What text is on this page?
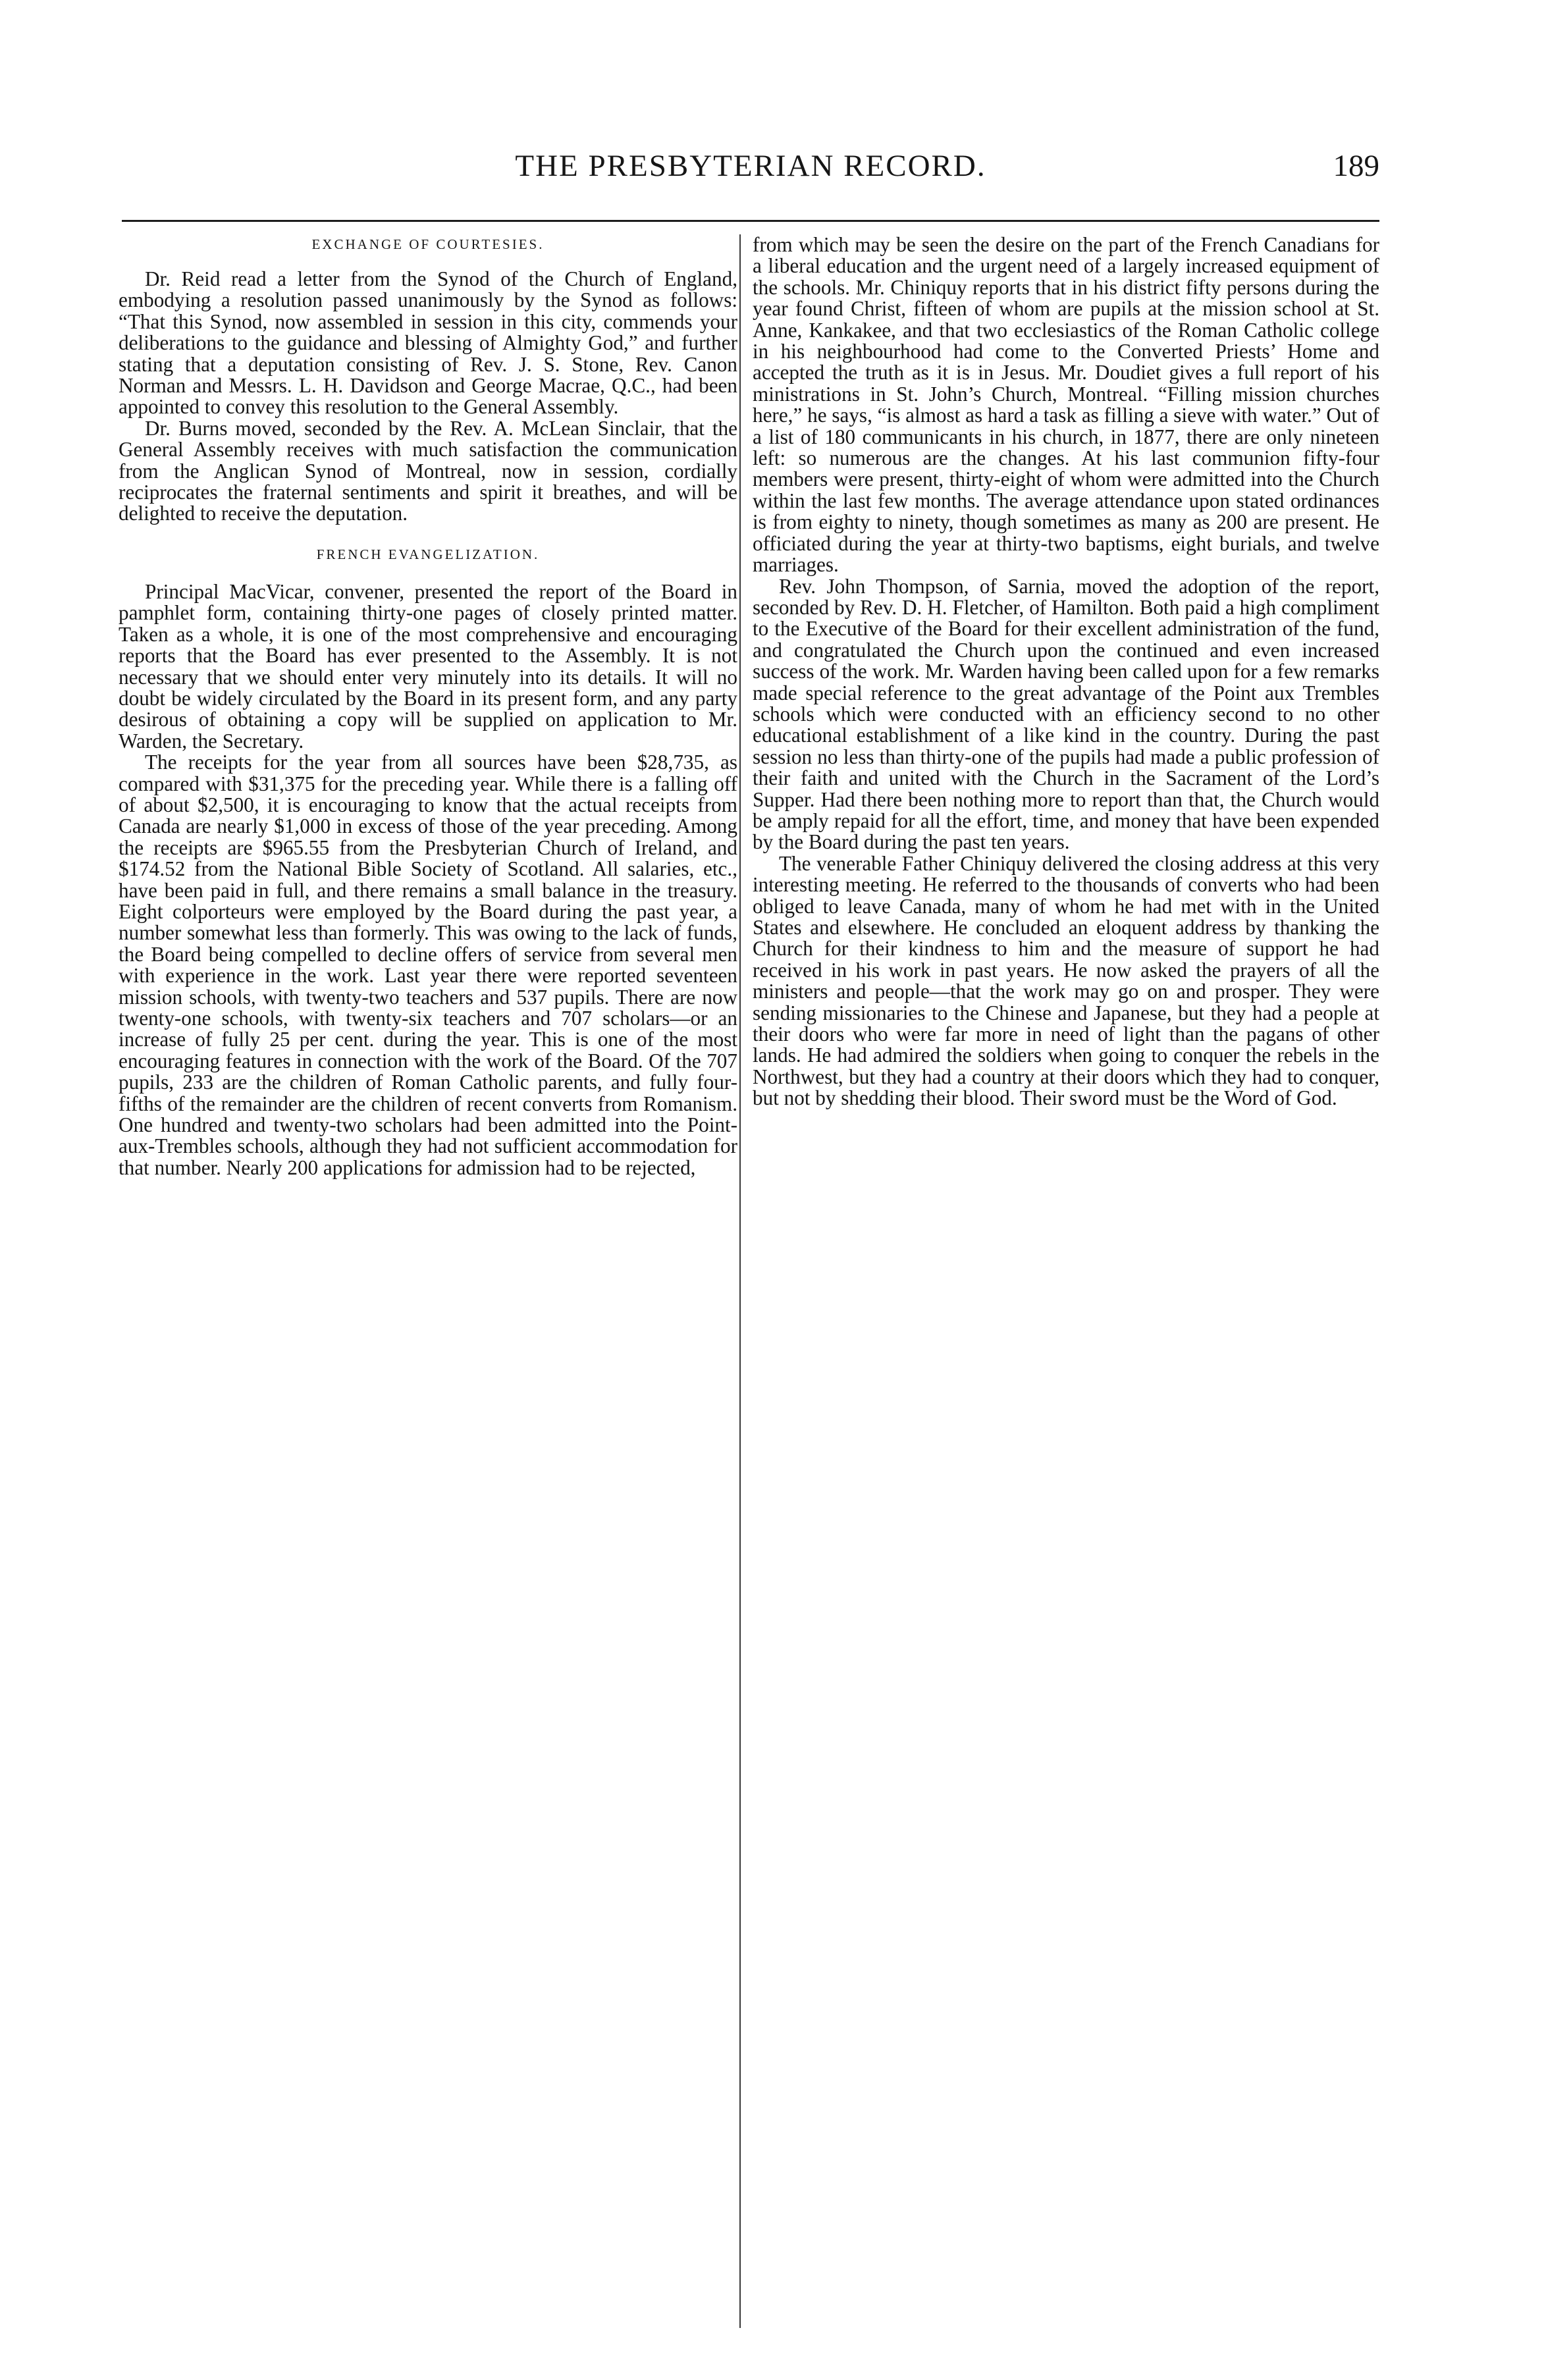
THE PRESBYTERIAN RECORD.	189
EXCHANGE OF COURTESIES.

Dr. Reid read a letter from the Synod of the Church of England, embodying a resolution passed unanimously by the Synod as follows: “That this Synod, now assembled in session in this city, commends your deliberations to the guidance and blessing of Almighty God,” and further stating that a deputation consisting of Rev. J. S. Stone, Rev. Canon Norman and Messrs. L. H. Davidson and George Macrae, Q.C., had been appointed to convey this resolution to the General Assembly.

Dr. Burns moved, seconded by the Rev. A. McLean Sinclair, that the General Assembly receives with much satisfaction the communication from the Anglican Synod of Montreal, now in session, cordially reciprocates the fraternal sentiments and spirit it breathes, and will be delighted to receive the deputation.

FRENCH EVANGELIZATION.

Principal MacVicar, convener, presented the report of the Board in pamphlet form, containing thirty-one pages of closely printed matter. Taken as a whole, it is one of the most comprehensive and encouraging reports that the Board has ever presented to the Assembly. It is not necessary that we should enter very minutely into its details. It will no doubt be widely circulated by the Board in its present form, and any party desirous of obtaining a copy will be supplied on application to Mr. Warden, the Secretary.

The receipts for the year from all sources have been $28,735, as compared with $31,375 for the preceding year. While there is a falling off of about $2,500, it is encouraging to know that the actual receipts from Canada are nearly $1,000 in excess of those of the year preceding. Among the receipts are $965.55 from the Presbyterian Church of Ireland, and $174.52 from the National Bible Society of Scotland. All salaries, etc., have been paid in full, and there remains a small balance in the treasury. Eight colporteurs were employed by the Board during the past year, a number somewhat less than formerly. This was owing to the lack of funds, the Board being compelled to decline offers of service from several men with experience in the work. Last year there were reported seventeen mission schools, with twenty-two teachers and 537 pupils. There are now twenty-one schools, with twenty-six teachers and 707 scholars—or an increase of fully 25 per cent. during the year. This is one of the most encouraging features in connection with the work of the Board. Of the 707 pupils, 233 are the children of Roman Catholic parents, and fully four-fifths of the remainder are the children of recent converts from Romanism. One hundred and twenty-two scholars had been admitted into the Point-aux-Trembles schools, although they had not sufficient accommodation for that number. Nearly 200 applications for admission had to be rejected,

from which may be seen the desire on the part of the French Canadians for a liberal education and the urgent need of a largely increased equipment of the schools. Mr. Chiniquy reports that in his district fifty persons during the year found Christ, fifteen of whom are pupils at the mission school at St. Anne, Kankakee, and that two ecclesiastics of the Roman Catholic college in his neighbourhood had come to the Converted Priests’ Home and accepted the truth as it is in Jesus. Mr. Doudiet gives a full report of his ministrations in St. John’s Church, Montreal. “Filling mission churches here,” he says, “is almost as hard a task as filling a sieve with water.” Out of a list of 180 communicants in his church, in 1877, there are only nineteen left: so numerous are the changes. At his last communion fifty-four members were present, thirty-eight of whom were admitted into the Church within the last few months. The average attendance upon stated ordinances is from eighty to ninety, though sometimes as many as 200 are present. He officiated during the year at thirty-two baptisms, eight burials, and twelve marriages.

Rev. John Thompson, of Sarnia, moved the adoption of the report, seconded by Rev. D. H. Fletcher, of Hamilton. Both paid a high compliment to the Executive of the Board for their excellent administration of the fund, and congratulated the Church upon the continued and even increased success of the work. Mr. Warden having been called upon for a few remarks made special reference to the great advantage of the Point aux Trembles schools which were conducted with an efficiency second to no other educational establishment of a like kind in the country. During the past session no less than thirty-one of the pupils had made a public profession of their faith and united with the Church in the Sacrament of the Lord’s Supper. Had there been nothing more to report than that, the Church would be amply repaid for all the effort, time, and money that have been expended by the Board during the past ten years.

The venerable Father Chiniquy delivered the closing address at this very interesting meeting. He referred to the thousands of converts who had been obliged to leave Canada, many of whom he had met with in the United States and elsewhere. He concluded an eloquent address by thanking the Church for their kindness to him and the measure of support he had received in his work in past years. He now asked the prayers of all the ministers and people—that the work may go on and prosper. They were sending missionaries to the Chinese and Japanese, but they had a people at their doors who were far more in need of light than the pagans of other lands. He had admired the soldiers when going to conquer the rebels in the Northwest, but they had a country at their doors which they had to conquer, but not by shedding their blood. Their sword must be the Word of God.
